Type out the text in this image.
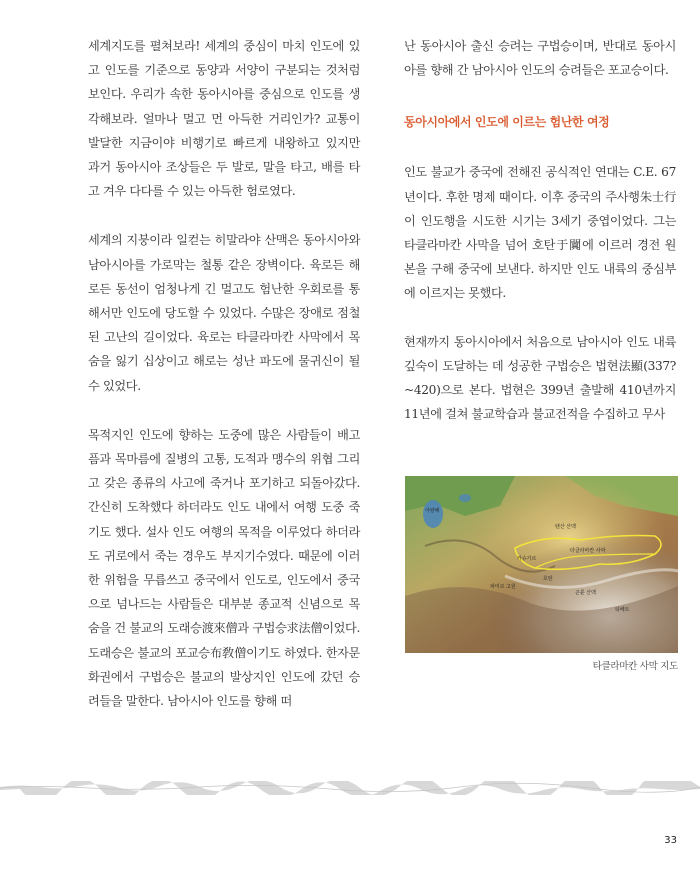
세계지도를 펼쳐보라! 세계의 중심이 마치 인도에 있고 인도를 기준으로 동양과 서양이 구분되는 것처럼 보인다. 우리가 속한 동아시아를 중심으로 인도를 생각해보라. 얼마나 멀고 먼 아득한 거리인가? 교통이 발달한 지금이야 비행기로 빠르게 내왕하고 있지만 과거 동아시아 조상들은 두 발로, 말을 타고, 배를 타고 겨우 다다를 수 있는 아득한 험로였다.

세계의 지붕이라 일컫는 히말라야 산맥은 동아시아와 남아시아를 가로막는 철통 같은 장벽이다. 육로든 해로든 동선이 엄청나게 긴 멀고도 험난한 우회로를 통해서만 인도에 당도할 수 있었다. 수많은 장애로 점철된 고난의 길이었다. 육로는 타클라마칸 사막에서 목숨을 잃기 십상이고 해로는 성난 파도에 물귀신이 될 수 있었다.

목적지인 인도에 향하는 도중에 많은 사람들이 배고픔과 목마름에 질병의 고통, 도적과 맹수의 위협 그리고 갖은 종류의 사고에 죽거나 포기하고 되돌아갔다. 간신히 도착했다 하더라도 인도 내에서 여행 도중 죽기도 했다. 설사 인도 여행의 목적을 이루었다 하더라도 귀로에서 죽는 경우도 부지기수였다. 때문에 이러한 위험을 무릅쓰고 중국에서 인도로, 인도에서 중국으로 넘나드는 사람들은 대부분 종교적 신념으로 목숨을 건 불교의 도래승渡來僧과 구법승求法僧이었다. 도래승은 불교의 포교승布敎僧이기도 하였다. 한자문화권에서 구법승은 불교의 발상지인 인도에 갔던 승려들을 말한다. 남아시아 인도를 향해 떠

난 동아시아 출신 승려는 구법승이며, 반대로 동아시아를 향해 간 남아시아 인도의 승려들은 포교승이다.

동아시아에서 인도에 이르는 험난한 여정

인도 불교가 중국에 전해진 공식적인 연대는 C.E. 67년이다. 후한 명제 때이다. 이후 중국의 주사행朱士行이 인도행을 시도한 시기는 3세기 중엽이었다. 그는 타클라마칸 사막을 넘어 호탄于闐에 이르러 경전 원본을 구해 중국에 보낸다. 하지만 인도 내륙의 중심부에 이르지는 못했다.

현재까지 동아시아에서 처음으로 남아시아 인도 내륙 깊숙이 도달하는 데 성공한 구법승은 법현法顯(337?~420)으로 본다. 법현은 399년 출발해 410년까지 11년에 걸쳐 불교학습과 불교전적을 수집하고 무사

아랄해
타클라마칸 사막
텐산 산맥
카슈가르
호탄
티베트
파미르 고원
곤륜 산맥
타클라마칸 사막 지도
33
